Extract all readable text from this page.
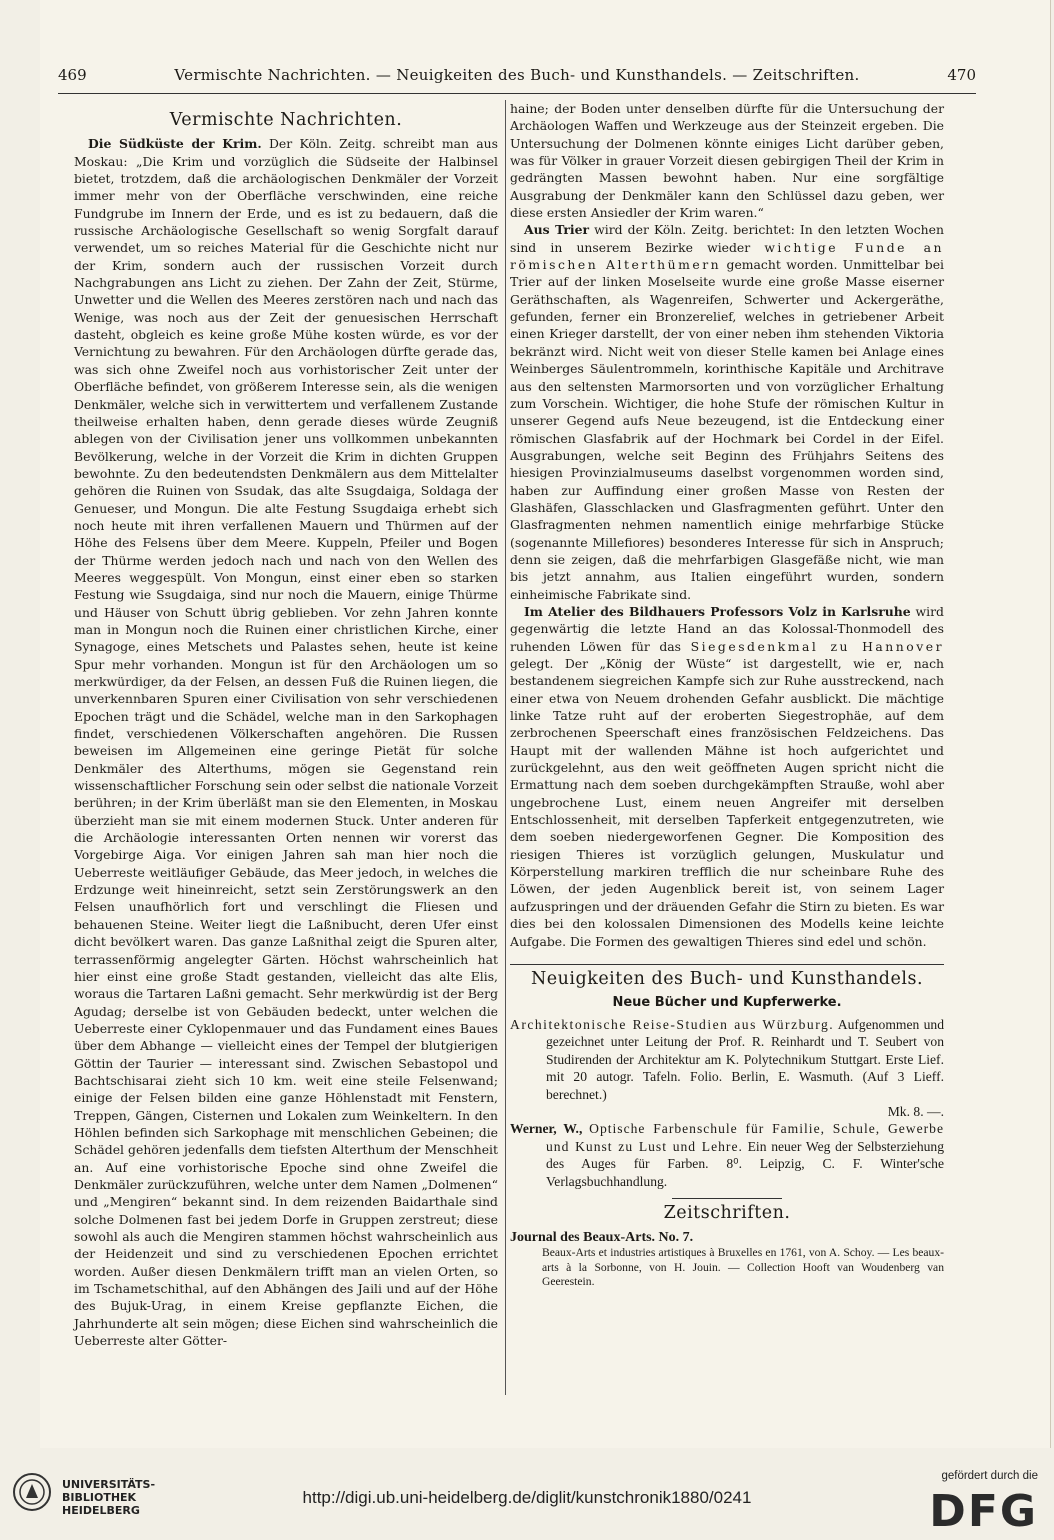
469	Vermischte Nachrichten. — Neuigkeiten des Buch- und Kunsthandels. — Zeitschriften.	470
Vermischte Nachrichten.

Die Südküste der Krim. Der Köln. Zeitg. schreibt man aus Moskau: „Die Krim und vorzüglich die Südseite der Halbinsel bietet, trotzdem, daß die archäologischen Denkmäler der Vorzeit immer mehr von der Oberfläche verschwinden, eine reiche Fundgrube im Innern der Erde, und es ist zu bedauern, daß die russische Archäologische Gesellschaft so wenig Sorgfalt darauf verwendet, um so reiches Material für die Geschichte nicht nur der Krim, sondern auch der russischen Vorzeit durch Nachgrabungen ans Licht zu ziehen. Der Zahn der Zeit, Stürme, Unwetter und die Wellen des Meeres zerstören nach und nach das Wenige, was noch aus der Zeit der genuesischen Herrschaft dasteht, obgleich es keine große Mühe kosten würde, es vor der Vernichtung zu bewahren. Für den Archäologen dürfte gerade das, was sich ohne Zweifel noch aus vorhistorischer Zeit unter der Oberfläche befindet, von größerem Interesse sein, als die wenigen Denkmäler, welche sich in verwittertem und verfallenem Zustande theilweise erhalten haben, denn gerade dieses würde Zeugniß ablegen von der Civilisation jener uns vollkommen unbekannten Bevölkerung, welche in der Vorzeit die Krim in dichten Gruppen bewohnte. Zu den bedeutendsten Denkmälern aus dem Mittelalter gehören die Ruinen von Ssudak, das alte Ssugdaiga, Soldaga der Genueser, und Mongun. Die alte Festung Ssugdaiga erhebt sich noch heute mit ihren verfallenen Mauern und Thürmen auf der Höhe des Felsens über dem Meere. Kuppeln, Pfeiler und Bogen der Thürme werden jedoch nach und nach von den Wellen des Meeres weggespült. Von Mongun, einst einer eben so starken Festung wie Ssugdaiga, sind nur noch die Mauern, einige Thürme und Häuser von Schutt übrig geblieben. Vor zehn Jahren konnte man in Mongun noch die Ruinen einer christlichen Kirche, einer Synagoge, eines Metschets und Palastes sehen, heute ist keine Spur mehr vorhanden. Mongun ist für den Archäologen um so merkwürdiger, da der Felsen, an dessen Fuß die Ruinen liegen, die unverkennbaren Spuren einer Civilisation von sehr verschiedenen Epochen trägt und die Schädel, welche man in den Sarkophagen findet, verschiedenen Völkerschaften angehören. Die Russen beweisen im Allgemeinen eine geringe Pietät für solche Denkmäler des Alterthums, mögen sie Gegenstand rein wissenschaftlicher Forschung sein oder selbst die nationale Vorzeit berühren; in der Krim überläßt man sie den Elementen, in Moskau überzieht man sie mit einem modernen Stuck. Unter anderen für die Archäologie interessanten Orten nennen wir vorerst das Vorgebirge Aiga. Vor einigen Jahren sah man hier noch die Ueberreste weitläufiger Gebäude, das Meer jedoch, in welches die Erdzunge weit hineinreicht, setzt sein Zerstörungswerk an den Felsen unaufhörlich fort und verschlingt die Fliesen und behauenen Steine. Weiter liegt die Laßnibucht, deren Ufer einst dicht bevölkert waren. Das ganze Laßnithal zeigt die Spuren alter, terrassenförmig angelegter Gärten. Höchst wahrscheinlich hat hier einst eine große Stadt gestanden, vielleicht das alte Elis, woraus die Tartaren Laßni gemacht. Sehr merkwürdig ist der Berg Agudag; derselbe ist von Gebäuden bedeckt, unter welchen die Ueberreste einer Cyklopenmauer und das Fundament eines Baues über dem Abhange — vielleicht eines der Tempel der blutgierigen Göttin der Taurier — interessant sind. Zwischen Sebastopol und Bachtschisarai zieht sich 10 km. weit eine steile Felsenwand; einige der Felsen bilden eine ganze Höhlenstadt mit Fenstern, Treppen, Gängen, Cisternen und Lokalen zum Weinkeltern. In den Höhlen befinden sich Sarkophage mit menschlichen Gebeinen; die Schädel gehören jedenfalls dem tiefsten Alterthum der Menschheit an. Auf eine vorhistorische Epoche sind ohne Zweifel die Denkmäler zurückzuführen, welche unter dem Namen „Dolmenen“ und „Mengiren“ bekannt sind. In dem reizenden Baidarthale sind solche Dolmenen fast bei jedem Dorfe in Gruppen zerstreut; diese sowohl als auch die Mengiren stammen höchst wahrscheinlich aus der Heidenzeit und sind zu verschiedenen Epochen errichtet worden. Außer diesen Denkmälern trifft man an vielen Orten, so im Tschametschithal, auf den Abhängen des Jaili und auf der Höhe des Bujuk-Urag, in einem Kreise gepflanzte Eichen, die Jahrhunderte alt sein mögen; diese Eichen sind wahrscheinlich die Ueberreste alter Götter-

haine; der Boden unter denselben dürfte für die Untersuchung der Archäologen Waffen und Werkzeuge aus der Steinzeit ergeben. Die Untersuchung der Dolmenen könnte einiges Licht darüber geben, was für Völker in grauer Vorzeit diesen gebirgigen Theil der Krim in gedrängten Massen bewohnt haben. Nur eine sorgfältige Ausgrabung der Denkmäler kann den Schlüssel dazu geben, wer diese ersten Ansiedler der Krim waren.“

Aus Trier wird der Köln. Zeitg. berichtet: In den letzten Wochen sind in unserem Bezirke wieder wichtige Funde an römischen Alterthümern gemacht worden. Unmittelbar bei Trier auf der linken Moselseite wurde eine große Masse eiserner Geräthschaften, als Wagenreifen, Schwerter und Ackergeräthe, gefunden, ferner ein Bronzerelief, welches in getriebener Arbeit einen Krieger darstellt, der von einer neben ihm stehenden Viktoria bekränzt wird. Nicht weit von dieser Stelle kamen bei Anlage eines Weinberges Säulentrommeln, korinthische Kapitäle und Architrave aus den seltensten Marmorsorten und von vorzüglicher Erhaltung zum Vorschein. Wichtiger, die hohe Stufe der römischen Kultur in unserer Gegend aufs Neue bezeugend, ist die Entdeckung einer römischen Glasfabrik auf der Hochmark bei Cordel in der Eifel. Ausgrabungen, welche seit Beginn des Frühjahrs Seitens des hiesigen Provinzialmuseums daselbst vorgenommen worden sind, haben zur Auffindung einer großen Masse von Resten der Glashäfen, Glasschlacken und Glasfragmenten geführt. Unter den Glasfragmenten nehmen namentlich einige mehrfarbige Stücke (sogenannte Millefiores) besonderes Interesse für sich in Anspruch; denn sie zeigen, daß die mehrfarbigen Glasgefäße nicht, wie man bis jetzt annahm, aus Italien eingeführt wurden, sondern einheimische Fabrikate sind.

Im Atelier des Bildhauers Professors Volz in Karlsruhe wird gegenwärtig die letzte Hand an das Kolossal-Thonmodell des ruhenden Löwen für das Siegesdenkmal zu Hannover gelegt. Der „König der Wüste“ ist dargestellt, wie er, nach bestandenem siegreichen Kampfe sich zur Ruhe ausstreckend, nach einer etwa von Neuem drohenden Gefahr ausblickt. Die mächtige linke Tatze ruht auf der eroberten Siegestrophäe, auf dem zerbrochenen Speerschaft eines französischen Feldzeichens. Das Haupt mit der wallenden Mähne ist hoch aufgerichtet und zurückgelehnt, aus den weit geöffneten Augen spricht nicht die Ermattung nach dem soeben durchgekämpften Strauße, wohl aber ungebrochene Lust, einem neuen Angreifer mit derselben Entschlossenheit, mit derselben Tapferkeit entgegenzutreten, wie dem soeben niedergeworfenen Gegner. Die Komposition des riesigen Thieres ist vorzüglich gelungen, Muskulatur und Körperstellung markiren trefflich die nur scheinbare Ruhe des Löwen, der jeden Augenblick bereit ist, von seinem Lager aufzuspringen und der dräuenden Gefahr die Stirn zu bieten. Es war dies bei den kolossalen Dimensionen des Modells keine leichte Aufgabe. Die Formen des gewaltigen Thieres sind edel und schön.

Neuigkeiten des Buch- und Kunsthandels.
Neue Bücher und Kupferwerke.

Architektonische Reise-Studien aus Würzburg. Aufgenommen und gezeichnet unter Leitung der Prof. R. Reinhardt und T. Seubert von Studirenden der Architektur am K. Polytechnikum Stuttgart. Erste Lief. mit 20 autogr. Tafeln. Folio. Berlin, E. Wasmuth. (Auf 3 Lieff. berechnet.)

Mk. 8. —.

Werner, W., Optische Farbenschule für Familie, Schule, Gewerbe und Kunst zu Lust und Lehre. Ein neuer Weg der Selbsterziehung des Auges für Farben. 8⁰. Leipzig, C. F. Winter'sche Verlagsbuchhandlung.

Zeitschriften.

Journal des Beaux-Arts. No. 7.

Beaux-Arts et industries artistiques à Bruxelles en 1761, von A. Schoy. — Les beaux-arts à la Sorbonne, von H. Jouin. — Collection Hooft van Woudenberg van Geerestein.

UNIVERSITÄTS-
BIBLIOTHEK
HEIDELBERG
http://digi.ub.uni-heidelberg.de/diglit/kunstchronik1880/0241
gefördert durch die
DFG
